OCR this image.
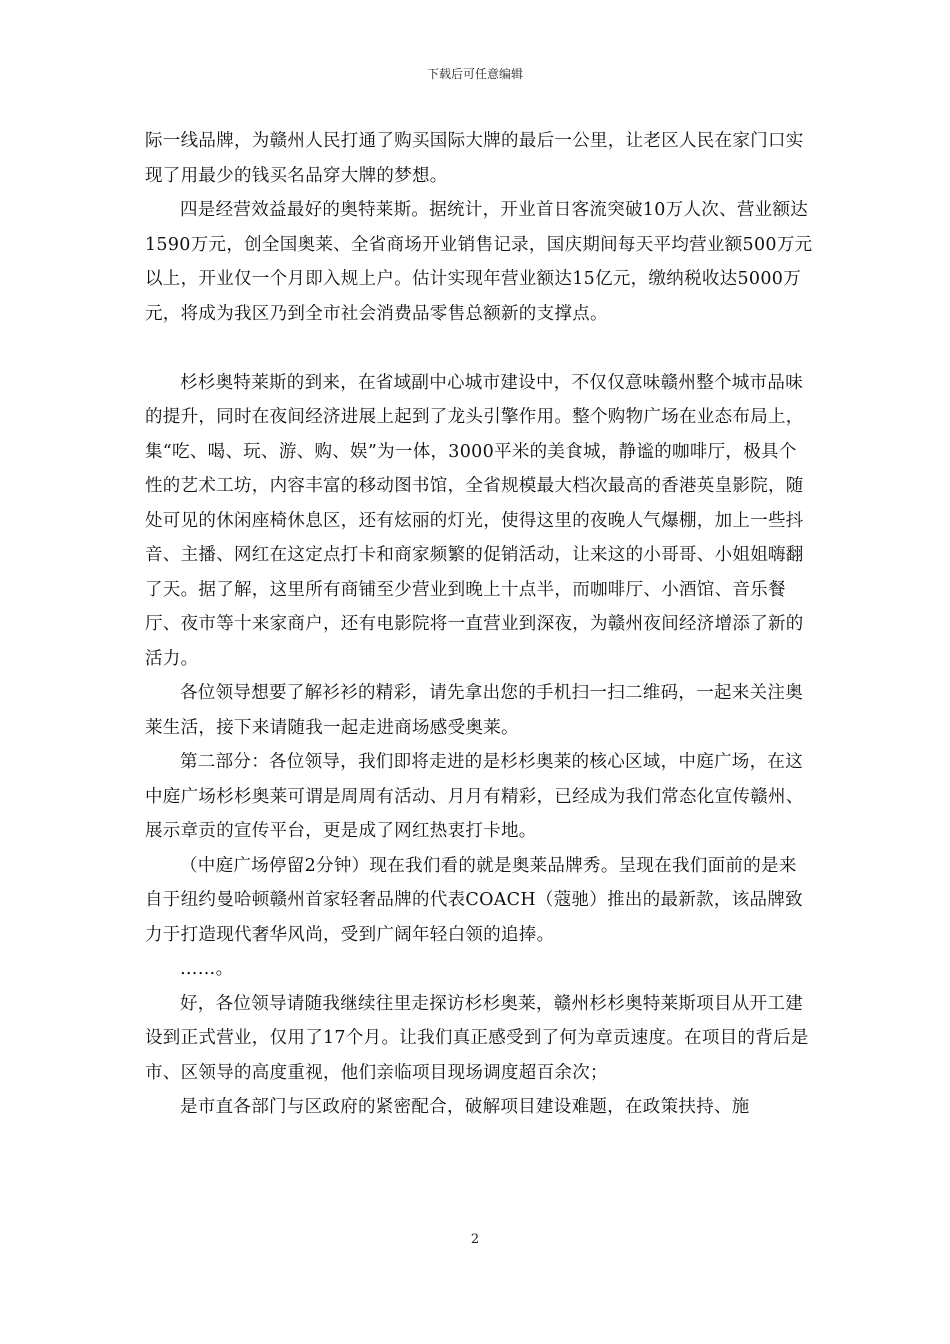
下载后可任意编辑

际一线品牌，为赣州人民打通了购买国际大牌的最后一公里，让老区人民在家门口实现了用最少的钱买名品穿大牌的梦想。

四是经营效益最好的奥特莱斯。据统计，开业首日客流突破10万人次、营业额达1590万元，创全国奥莱、全省商场开业销售记录，国庆期间每天平均营业额500万元以上，开业仅一个月即入规上户。估计实现年营业额达15亿元，缴纳税收达5000万元，将成为我区乃到全市社会消费品零售总额新的支撑点。

杉杉奥特莱斯的到来，在省域副中心城市建设中，不仅仅意味赣州整个城市品味的提升，同时在夜间经济进展上起到了龙头引擎作用。整个购物广场在业态布局上，集“吃、喝、玩、游、购、娱”为一体，3000平米的美食城，静谧的咖啡厅，极具个性的艺术工坊，内容丰富的移动图书馆，全省规模最大档次最高的香港英皇影院，随处可见的休闲座椅休息区，还有炫丽的灯光，使得这里的夜晚人气爆棚，加上一些抖音、主播、网红在这定点打卡和商家频繁的促销活动，让来这的小哥哥、小姐姐嗨翻了天。据了解，这里所有商铺至少营业到晚上十点半，而咖啡厅、小酒馆、音乐餐厅、夜市等十来家商户，还有电影院将一直营业到深夜，为赣州夜间经济增添了新的活力。

各位领导想要了解衫衫的精彩，请先拿出您的手机扫一扫二维码，一起来关注奥莱生活，接下来请随我一起走进商场感受奥莱。

第二部分：各位领导，我们即将走进的是杉杉奥莱的核心区域，中庭广场，在这中庭广场杉杉奥莱可谓是周周有活动、月月有精彩，已经成为我们常态化宣传赣州、展示章贡的宣传平台，更是成了网红热衷打卡地。

（中庭广场停留2分钟）现在我们看的就是奥莱品牌秀。呈现在我们面前的是来自于纽约曼哈顿赣州首家轻奢品牌的代表COACH（蔻驰）推出的最新款，该品牌致力于打造现代奢华风尚，受到广阔年轻白领的追捧。

……。

好，各位领导请随我继续往里走探访杉杉奥莱，赣州杉杉奥特莱斯项目从开工建设到正式营业，仅用了17个月。让我们真正感受到了何为章贡速度。在项目的背后是市、区领导的高度重视，他们亲临项目现场调度超百余次；

是市直各部门与区政府的紧密配合，破解项目建设难题，在政策扶持、施

2
